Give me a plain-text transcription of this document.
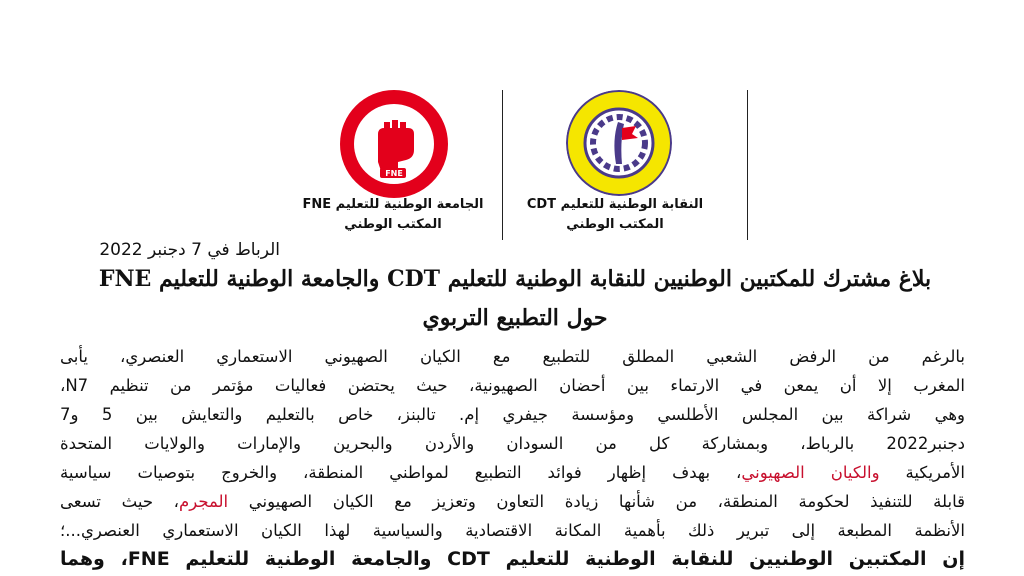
FNE
الجامعة الوطنية للتعليم FNE
المكتب الوطني
النقابة الوطنية للتعليم CDT
المكتب الوطني
الرباط في 7 دجنبر 2022
بلاغ مشترك للمكتبين الوطنيين للنقابة الوطنية للتعليم CDT والجامعة الوطنية للتعليم FNE
حول التطبيع التربوي
بالرغم من الرفض الشعبي المطلق للتطبيع مع الكيان الصهيوني الاستعماري العنصري، يأبى
المغرب إلا أن يمعن في الارتماء بين أحضان الصهيونية، حيث يحتضن فعاليات مؤتمر من تنظيم N7،
وهي شراكة بين المجلس الأطلسي ومؤسسة جيفري إم. تالبنز، خاص بالتعليم والتعايش بين 5 و7
دجنبر2022 بالرباط، وبمشاركة كل من السودان والأردن والبحرين والإمارات والولايات المتحدة
الأمريكية والكيان الصهيوني، بهدف إظهار فوائد التطبيع لمواطني المنطقة، والخروج بتوصيات سياسية
قابلة للتنفيذ لحكومة المنطقة، من شأنها زيادة التعاون وتعزيز مع الكيان الصهيوني المجرم، حيث تسعى
الأنظمة المطبعة إلى تبرير ذلك بأهمية المكانة الاقتصادية والسياسية لهذا الكيان الاستعماري العنصري...؛
إن المكتبين الوطنيين للنقابة الوطنية للتعليم CDT والجامعة الوطنية للتعليم FNE، وهما
